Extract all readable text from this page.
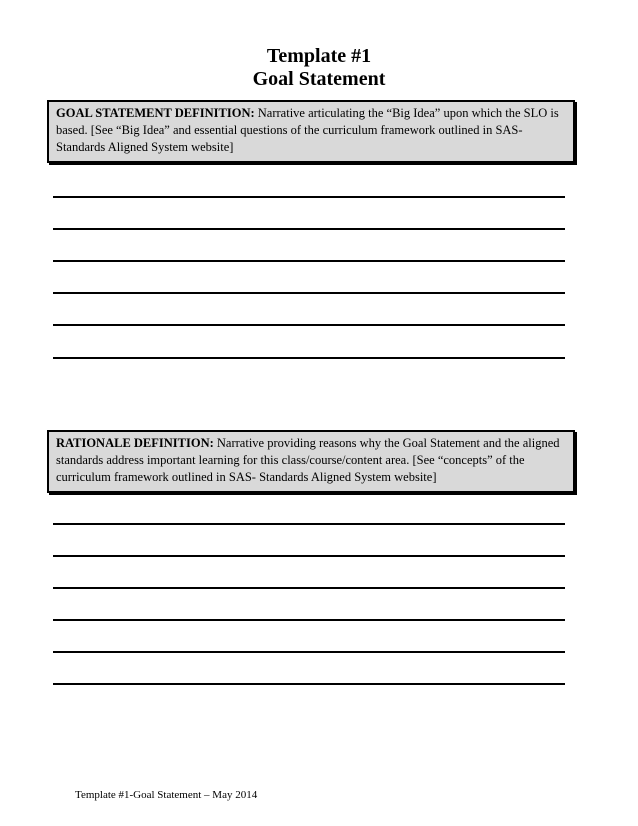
Template #1
Goal Statement
GOAL STATEMENT DEFINITION: Narrative articulating the “Big Idea” upon which the SLO is based. [See “Big Idea” and essential questions of the curriculum framework outlined in SAS-Standards Aligned System website]
RATIONALE DEFINITION: Narrative providing reasons why the Goal Statement and the aligned standards address important learning for this class/course/content area. [See “concepts” of the curriculum framework outlined in SAS- Standards Aligned System website]
Template #1-Goal Statement – May 2014
